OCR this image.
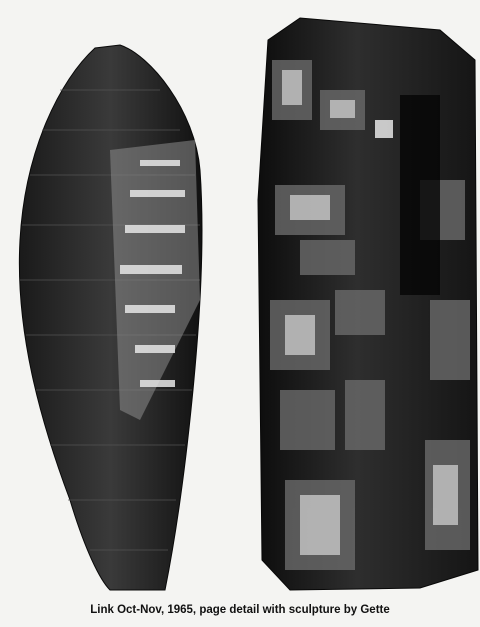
Link Oct-Nov, 1965, page detail with sculpture by Gette
